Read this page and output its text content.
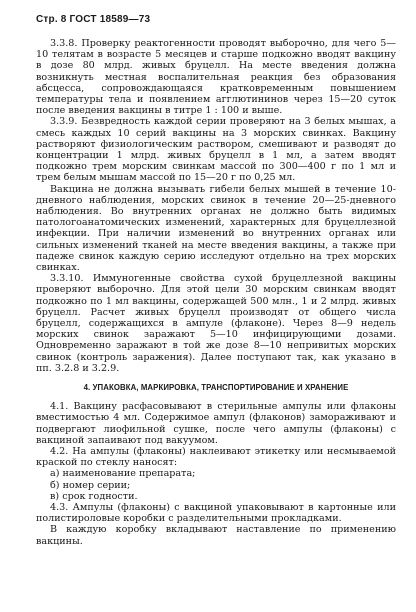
Стр. 8 ГОСТ 18589—73

3.3.8. Проверку реактогенности проводят выборочно, для чего 5—10 телятам в возрасте 5 месяцев и старше подкожно вводят вакцину в дозе 80 млрд. живых бруцелл. На месте введения должна возникнуть местная воспалительная реакция без образования абсцесса, сопровождающаяся кратковременным повышением температуры тела и появлением агглютининов через 15—20 суток после введения вакцины в титре 1 : 100 и выше.

3.3.9. Безвредность каждой серии проверяют на 3 белых мышах, а смесь каждых 10 серий вакцины на 3 морских свинках. Вакцину растворяют физиологическим раствором, смешивают и разводят до концентрации 1 млрд. живых бруцелл в 1 мл, а затем вводят подкожно трем морским свинкам массой по 300—400 г по 1 мл и трем белым мышам массой по 15—20 г по 0,25 мл.

Вакцина не должна вызывать гибели белых мышей в течение 10-дневного наблюдения, морских свинок в течение 20—25-дневного наблюдения. Во внутренних органах не должно быть видимых патологоанатомических изменений, характерных для бруцеллезной инфекции. При наличии изменений во внутренних органах или сильных изменений тканей на месте введения вакцины, а также при падеже свинок каждую серию исследуют отдельно на трех морских свинках.

3.3.10. Иммуногенные свойства сухой бруцеллезной вакцины проверяют выборочно. Для этой цели 30 морским свинкам вводят подкожно по 1 мл вакцины, содержащей 500 млн., 1 и 2 млрд. живых бруцелл. Расчет живых бруцелл производят от общего числа бруцелл, содержащихся в ампуле (флаконе). Через 8—9 недель морских свинок заражают 5—10 инфицирующими дозами. Одновременно заражают в той же дозе 8—10 непривитых морских свинок (контроль заражения). Далее поступают так, как указано в пп. 3.2.8 и 3.2.9.

4. УПАКОВКА, МАРКИРОВКА, ТРАНСПОРТИРОВАНИЕ И ХРАНЕНИЕ

4.1. Вакцину расфасовывают в стерильные ампулы или флаконы вместимостью 4 мл. Содержимое ампул (флаконов) замораживают и подвергают лиофильной сушке, после чего ампулы (флаконы) с вакциной запаивают под вакуумом.

4.2. На ампулы (флаконы) наклеивают этикетку или несмываемой краской по стеклу наносят:

а) наименование препарата;

б) номер серии;

в) срок годности.

4.3. Ампулы (флаконы) с вакциной упаковывают в картонные или полистироловые коробки с разделительными прокладками.

В каждую коробку вкладывают наставление по применению вакцины.
